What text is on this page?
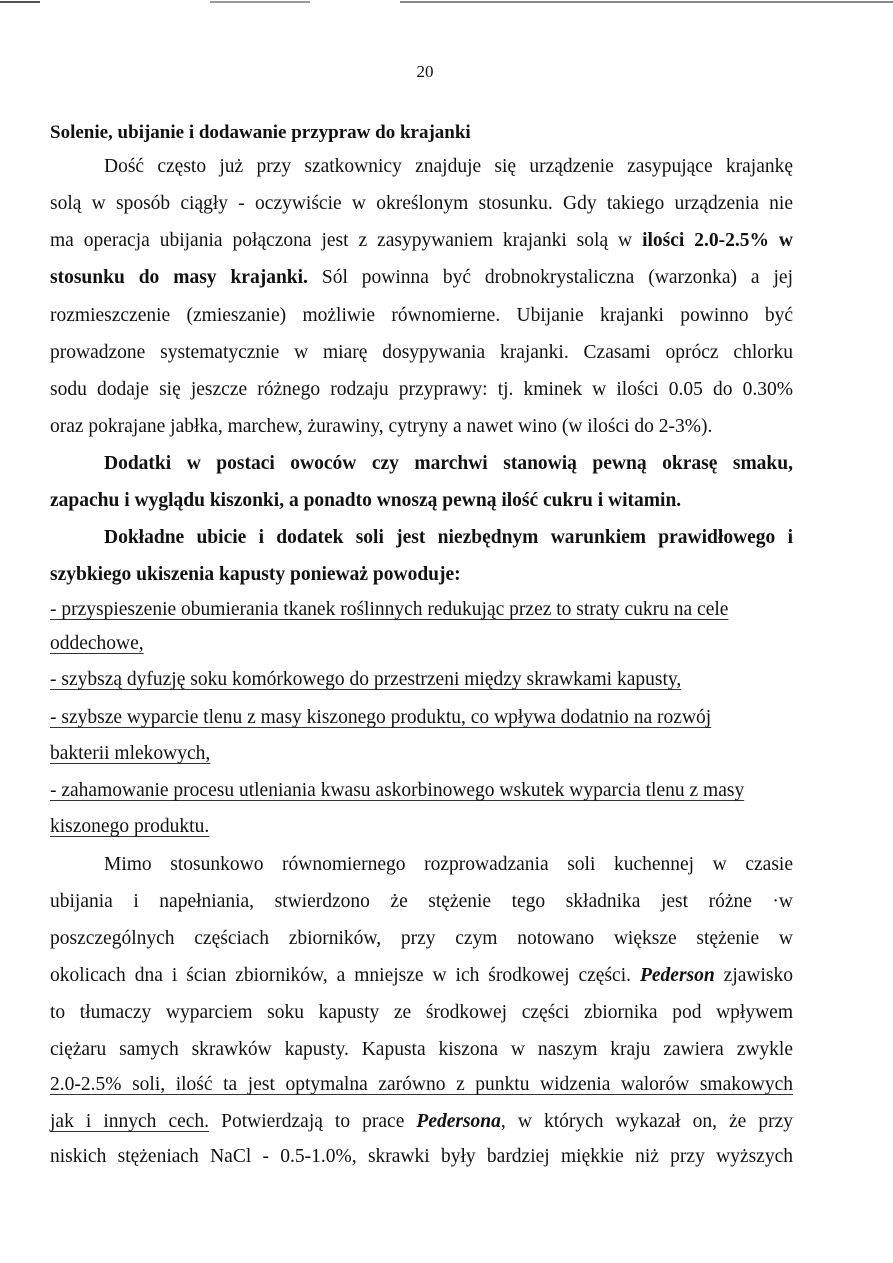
20
Solenie, ubijanie i dodawanie przypraw do krajanki
Dość często już przy szatkownicy znajduje się urządzenie zasypujące krajankę
solą w sposób ciągły - oczywiście w określonym stosunku. Gdy takiego urządzenia nie
ma operacja ubijania połączona jest z zasypywaniem krajanki solą w ilości 2.0-2.5% w
stosunku do masy krajanki. Sól powinna być drobnokrystaliczna (warzonka) a jej
rozmieszczenie (zmieszanie) możliwie równomierne. Ubijanie krajanki powinno być
prowadzone systematycznie w miarę dosypywania krajanki. Czasami oprócz chlorku
sodu dodaje się jeszcze różnego rodzaju przyprawy: tj. kminek w ilości 0.05 do 0.30%
oraz pokrajane jabłka, marchew, żurawiny, cytryny a nawet wino (w ilości do 2-3%).
Dodatki w postaci owoców czy marchwi stanowią pewną okrasę smaku,
zapachu i wyglądu kiszonki, a ponadto wnoszą pewną ilość cukru i witamin.
Dokładne ubicie i dodatek soli jest niezbędnym warunkiem prawidłowego i
szybkiego ukiszenia kapusty ponieważ powoduje:
- przyspieszenie obumierania tkanek roślinnych redukując przez to straty cukru na cele
oddechowe,
- szybszą dyfuzję soku komórkowego do przestrzeni między skrawkami kapusty,
- szybsze wyparcie tlenu z masy kiszonego produktu, co wpływa dodatnio na rozwój
bakterii mlekowych,
- zahamowanie procesu utleniania kwasu askorbinowego wskutek wyparcia tlenu z masy
kiszonego produktu.
Mimo stosunkowo równomiernego rozprowadzania soli kuchennej w czasie
ubijania i napełniania, stwierdzono że stężenie tego składnika jest różne ·w
poszczególnych częściach zbiorników, przy czym notowano większe stężenie w
okolicach dna i ścian zbiorników, a mniejsze w ich środkowej części. Pederson zjawisko
to tłumaczy wyparciem soku kapusty ze środkowej części zbiornika pod wpływem
ciężaru samych skrawków kapusty. Kapusta kiszona w naszym kraju zawiera zwykle
2.0-2.5% soli, ilość ta jest optymalna zarówno z punktu widzenia walorów smakowych
jak i innych cech. Potwierdzają to prace Pedersona, w których wykazał on, że przy
niskich stężeniach NaCl - 0.5-1.0%, skrawki były bardziej miękkie niż przy wyższych
